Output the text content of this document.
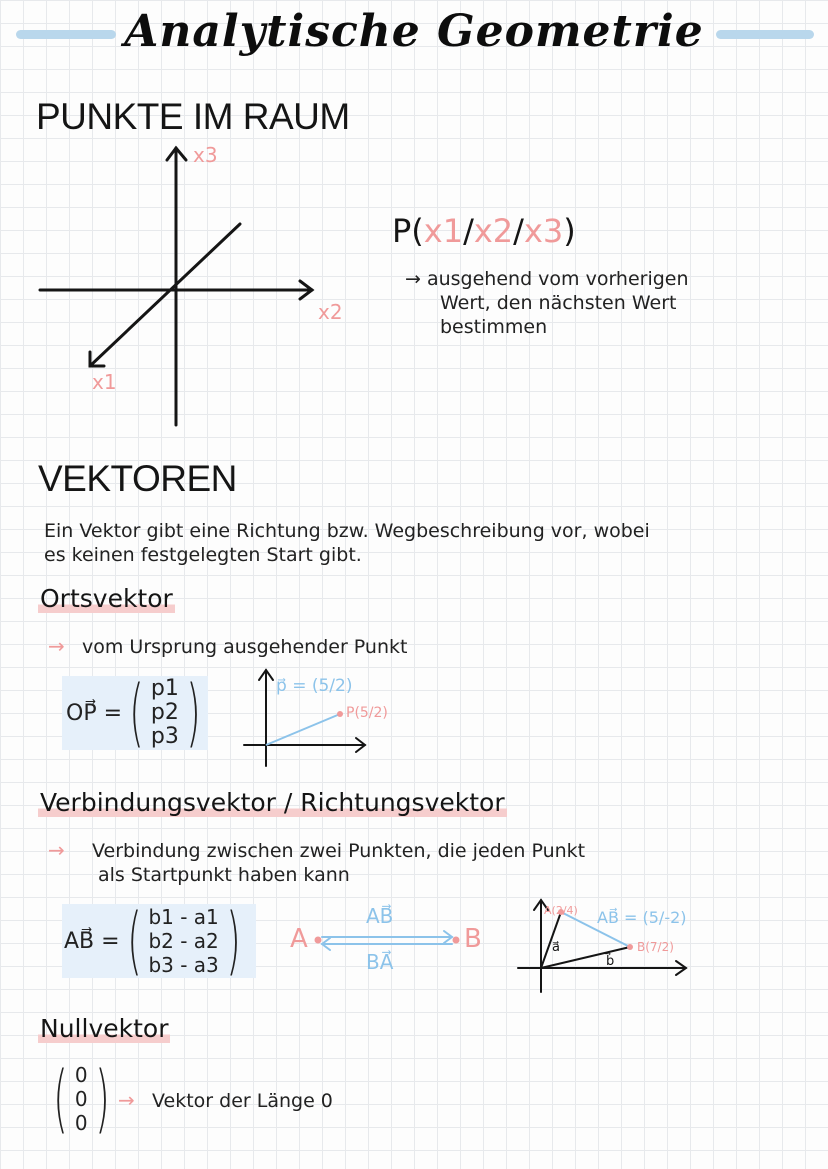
Analytische Geometrie
PUNKTE IM RAUM
x3
x2
x1
P(x1/x2/x3)
→ ausgehend vom vorherigen
Wert, den nächsten Wert
bestimmen
VEKTOREN
Ein Vektor gibt eine Richtung bzw. Wegbeschreibung vor, wobei
es keinen festgelegten Start gibt.
Ortsvektor
→ vom Ursprung ausgehender Punkt
OP⃗ = ( p1
p2
p3 )	p⃗ = (5/2)
P(5/2)
Verbindungsvektor / Richtungsvektor
→ Verbindung zwischen zwei Punkten, die jeden Punkt
als Startpunkt haben kann
AB⃗ = ( b1 - a1
b2 - a2
b3 - a3 ) A	B
AB⃗
BA⃗
A(2/4)
B(7/2)
AB⃗ = (5/-2)
a⃗
b⃗
Nullvektor
( 0
0
0 ) → Vektor der Länge 0
